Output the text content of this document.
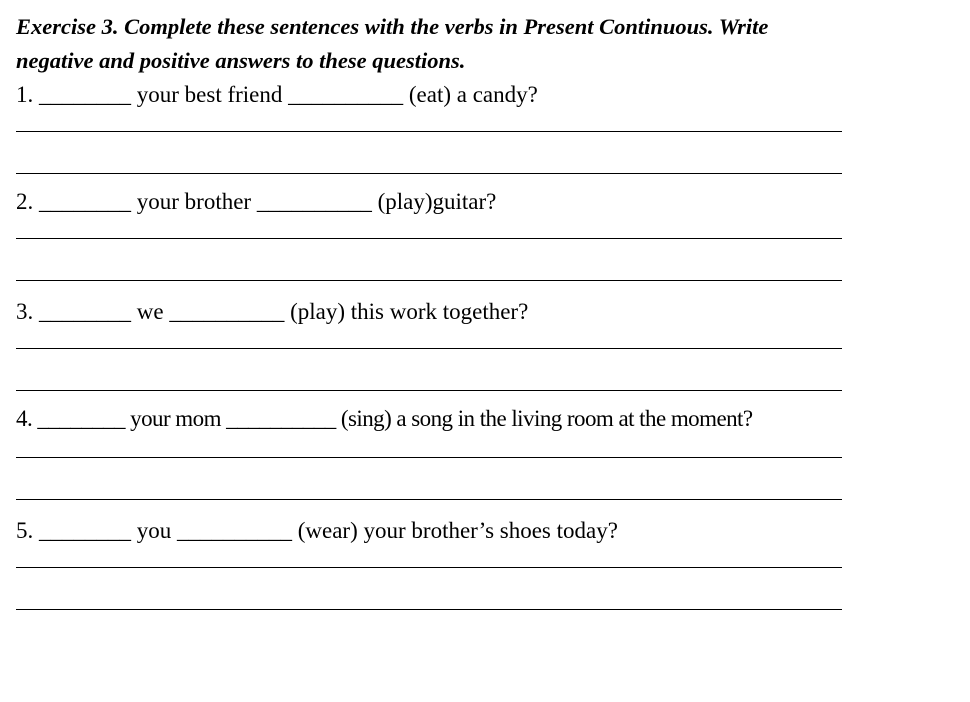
Exercise 3. Complete these sentences with the verbs in Present Continuous. Write
negative and positive answers to these questions.

1. ________ your best friend __________ (eat) a candy?

2. ________ your brother __________ (play)guitar?

3. ________ we __________ (play) this work together?

4. ________ your mom __________ (sing) a song in the living room at the moment?

5. ________ you __________ (wear) your brother’s shoes today?
